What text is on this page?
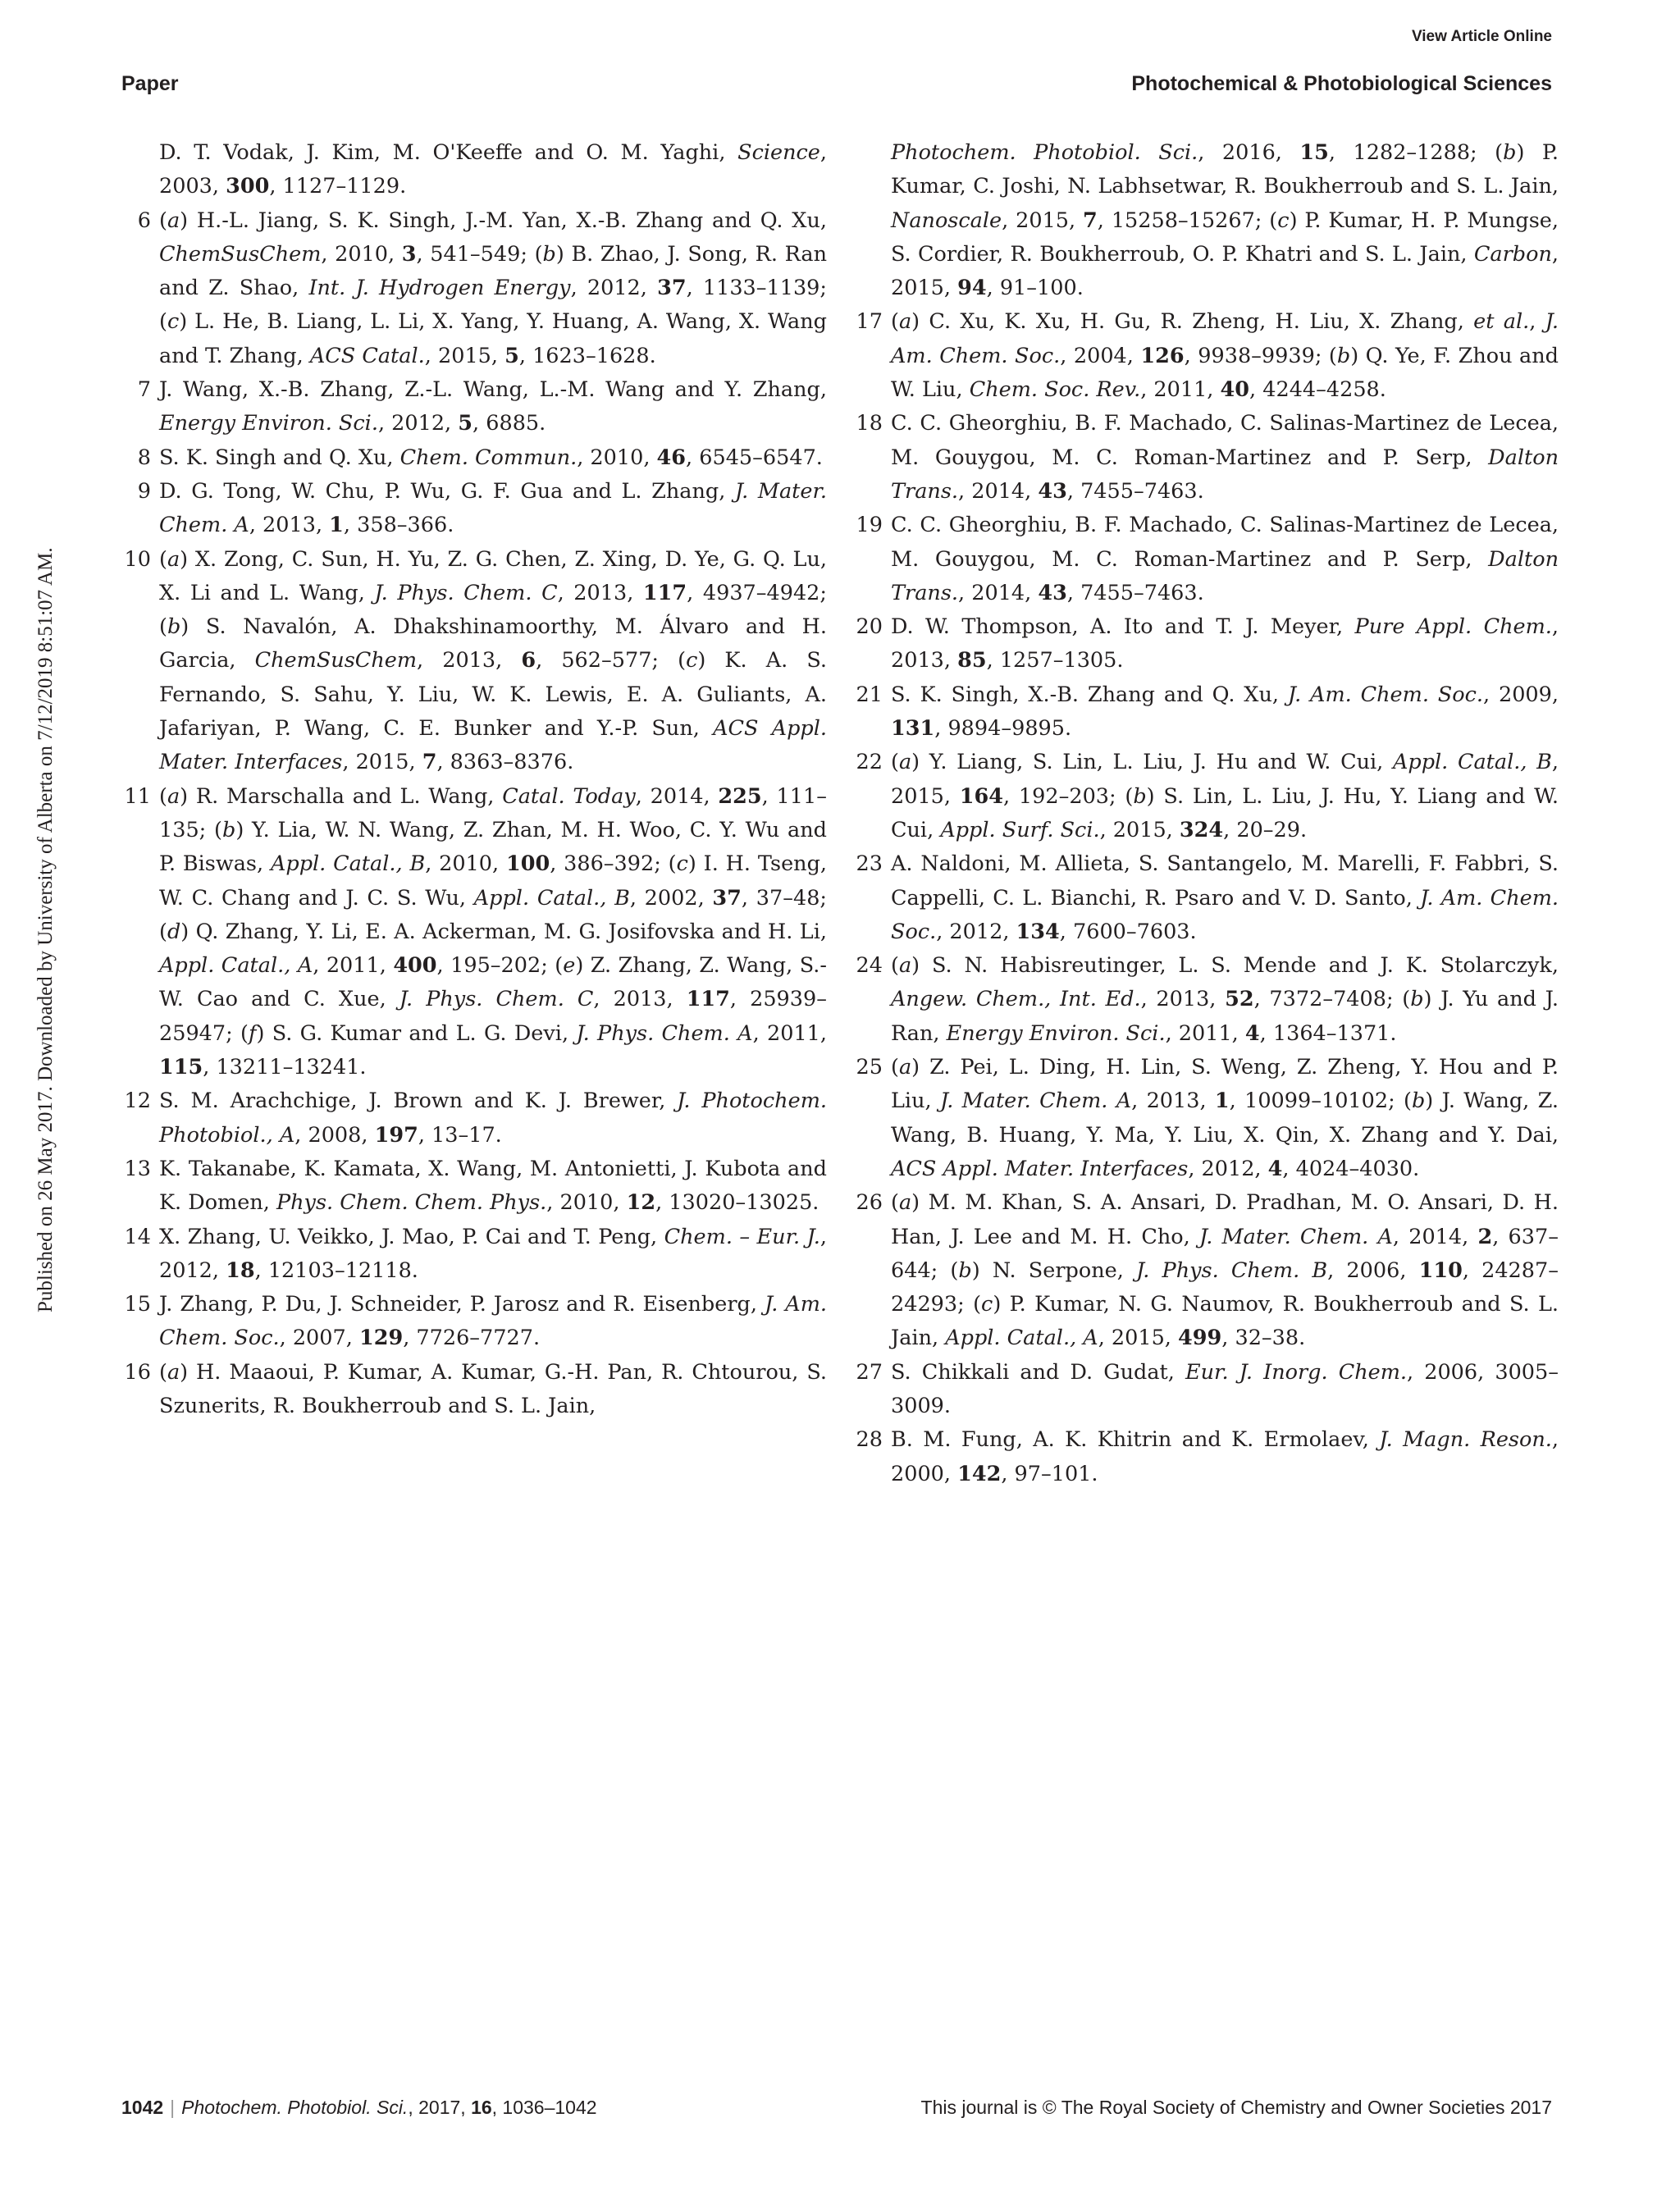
View Article Online
Paper	Photochemical & Photobiological Sciences
Published on 26 May 2017. Downloaded by University of Alberta on 7/12/2019 8:51:07 AM.
D. T. Vodak, J. Kim, M. O'Keeffe and O. M. Yaghi, Science, 2003, 300, 1127–1129.
6 (a) H.-L. Jiang, S. K. Singh, J.-M. Yan, X.-B. Zhang and Q. Xu, ChemSusChem, 2010, 3, 541–549; (b) B. Zhao, J. Song, R. Ran and Z. Shao, Int. J. Hydrogen Energy, 2012, 37, 1133–1139; (c) L. He, B. Liang, L. Li, X. Yang, Y. Huang, A. Wang, X. Wang and T. Zhang, ACS Catal., 2015, 5, 1623–1628.
7 J. Wang, X.-B. Zhang, Z.-L. Wang, L.-M. Wang and Y. Zhang, Energy Environ. Sci., 2012, 5, 6885.
8 S. K. Singh and Q. Xu, Chem. Commun., 2010, 46, 6545–6547.
9 D. G. Tong, W. Chu, P. Wu, G. F. Gua and L. Zhang, J. Mater. Chem. A, 2013, 1, 358–366.
10 (a) X. Zong, C. Sun, H. Yu, Z. G. Chen, Z. Xing, D. Ye, G. Q. Lu, X. Li and L. Wang, J. Phys. Chem. C, 2013, 117, 4937–4942; (b) S. Navalón, A. Dhakshinamoorthy, M. Álvaro and H. Garcia, ChemSusChem, 2013, 6, 562–577; (c) K. A. S. Fernando, S. Sahu, Y. Liu, W. K. Lewis, E. A. Guliants, A. Jafariyan, P. Wang, C. E. Bunker and Y.-P. Sun, ACS Appl. Mater. Interfaces, 2015, 7, 8363–8376.
11 (a) R. Marschalla and L. Wang, Catal. Today, 2014, 225, 111–135; (b) Y. Lia, W. N. Wang, Z. Zhan, M. H. Woo, C. Y. Wu and P. Biswas, Appl. Catal., B, 2010, 100, 386–392; (c) I. H. Tseng, W. C. Chang and J. C. S. Wu, Appl. Catal., B, 2002, 37, 37–48; (d) Q. Zhang, Y. Li, E. A. Ackerman, M. G. Josifovska and H. Li, Appl. Catal., A, 2011, 400, 195–202; (e) Z. Zhang, Z. Wang, S.-W. Cao and C. Xue, J. Phys. Chem. C, 2013, 117, 25939–25947; (f) S. G. Kumar and L. G. Devi, J. Phys. Chem. A, 2011, 115, 13211–13241.
12 S. M. Arachchige, J. Brown and K. J. Brewer, J. Photochem. Photobiol., A, 2008, 197, 13–17.
13 K. Takanabe, K. Kamata, X. Wang, M. Antonietti, J. Kubota and K. Domen, Phys. Chem. Chem. Phys., 2010, 12, 13020–13025.
14 X. Zhang, U. Veikko, J. Mao, P. Cai and T. Peng, Chem. – Eur. J., 2012, 18, 12103–12118.
15 J. Zhang, P. Du, J. Schneider, P. Jarosz and R. Eisenberg, J. Am. Chem. Soc., 2007, 129, 7726–7727.
16 (a) H. Maaoui, P. Kumar, A. Kumar, G.-H. Pan, R. Chtourou, S. Szunerits, R. Boukherroub and S. L. Jain,
Photochem. Photobiol. Sci., 2016, 15, 1282–1288; (b) P. Kumar, C. Joshi, N. Labhsetwar, R. Boukherroub and S. L. Jain, Nanoscale, 2015, 7, 15258–15267; (c) P. Kumar, H. P. Mungse, S. Cordier, R. Boukherroub, O. P. Khatri and S. L. Jain, Carbon, 2015, 94, 91–100.
17 (a) C. Xu, K. Xu, H. Gu, R. Zheng, H. Liu, X. Zhang, et al., J. Am. Chem. Soc., 2004, 126, 9938–9939; (b) Q. Ye, F. Zhou and W. Liu, Chem. Soc. Rev., 2011, 40, 4244–4258.
18 C. C. Gheorghiu, B. F. Machado, C. Salinas-Martinez de Lecea, M. Gouygou, M. C. Roman-Martinez and P. Serp, Dalton Trans., 2014, 43, 7455–7463.
19 C. C. Gheorghiu, B. F. Machado, C. Salinas-Martinez de Lecea, M. Gouygou, M. C. Roman-Martinez and P. Serp, Dalton Trans., 2014, 43, 7455–7463.
20 D. W. Thompson, A. Ito and T. J. Meyer, Pure Appl. Chem., 2013, 85, 1257–1305.
21 S. K. Singh, X.-B. Zhang and Q. Xu, J. Am. Chem. Soc., 2009, 131, 9894–9895.
22 (a) Y. Liang, S. Lin, L. Liu, J. Hu and W. Cui, Appl. Catal., B, 2015, 164, 192–203; (b) S. Lin, L. Liu, J. Hu, Y. Liang and W. Cui, Appl. Surf. Sci., 2015, 324, 20–29.
23 A. Naldoni, M. Allieta, S. Santangelo, M. Marelli, F. Fabbri, S. Cappelli, C. L. Bianchi, R. Psaro and V. D. Santo, J. Am. Chem. Soc., 2012, 134, 7600–7603.
24 (a) S. N. Habisreutinger, L. S. Mende and J. K. Stolarczyk, Angew. Chem., Int. Ed., 2013, 52, 7372–7408; (b) J. Yu and J. Ran, Energy Environ. Sci., 2011, 4, 1364–1371.
25 (a) Z. Pei, L. Ding, H. Lin, S. Weng, Z. Zheng, Y. Hou and P. Liu, J. Mater. Chem. A, 2013, 1, 10099–10102; (b) J. Wang, Z. Wang, B. Huang, Y. Ma, Y. Liu, X. Qin, X. Zhang and Y. Dai, ACS Appl. Mater. Interfaces, 2012, 4, 4024–4030.
26 (a) M. M. Khan, S. A. Ansari, D. Pradhan, M. O. Ansari, D. H. Han, J. Lee and M. H. Cho, J. Mater. Chem. A, 2014, 2, 637–644; (b) N. Serpone, J. Phys. Chem. B, 2006, 110, 24287–24293; (c) P. Kumar, N. G. Naumov, R. Boukherroub and S. L. Jain, Appl. Catal., A, 2015, 499, 32–38.
27 S. Chikkali and D. Gudat, Eur. J. Inorg. Chem., 2006, 3005–3009.
28 B. M. Fung, A. K. Khitrin and K. Ermolaev, J. Magn. Reson., 2000, 142, 97–101.
1042 | Photochem. Photobiol. Sci., 2017, 16, 1036–1042	This journal is © The Royal Society of Chemistry and Owner Societies 2017
